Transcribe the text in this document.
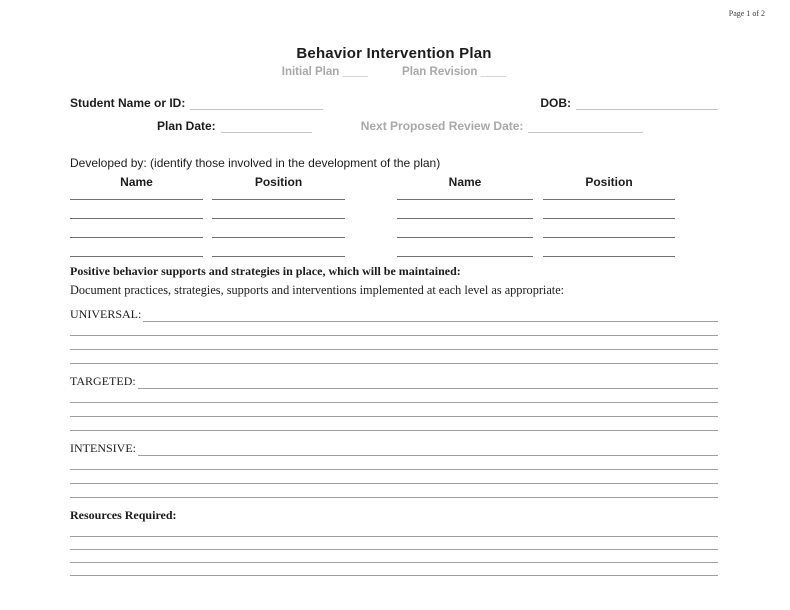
Page 1 of 2
Behavior Intervention Plan
Initial Plan ____	Plan Revision ____
Student Name or ID:	DOB:
Plan Date:	Next Proposed Review Date:
Developed by: (identify those involved in the development of the plan)
Name	Position	Name	Position
Positive behavior supports and strategies in place, which will be maintained:
Document practices, strategies, supports and interventions implemented at each level as appropriate:
UNIVERSAL:
TARGETED:
INTENSIVE:
Resources Required:
